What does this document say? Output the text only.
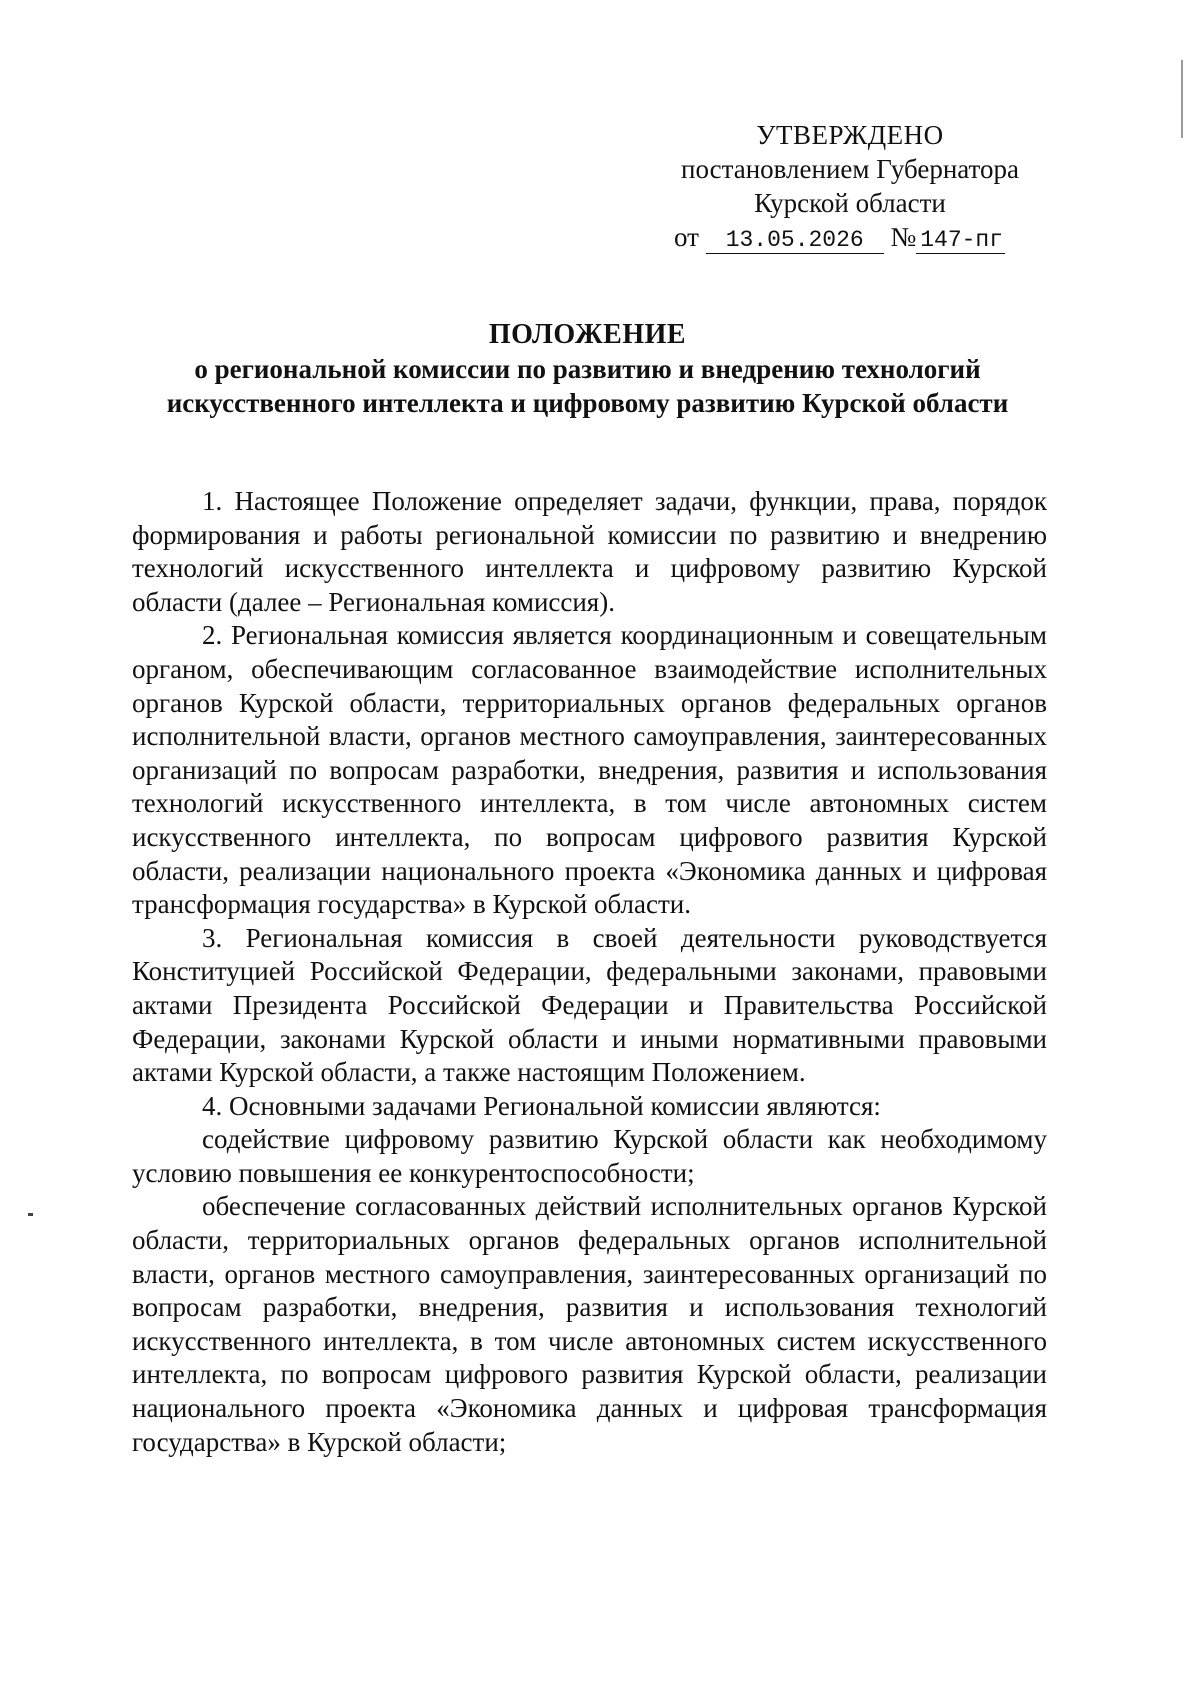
УТВЕРЖДЕНО
постановлением Губернатора
Курской области
от 13.05.2026 № 147-пг
ПОЛОЖЕНИЕ
о региональной комиссии по развитию и внедрению технологий искусственного интеллекта и цифровому развитию Курской области

1. Настоящее Положение определяет задачи, функции, права, порядок формирования и работы региональной комиссии по развитию и внедрению технологий искусственного интеллекта и цифровому развитию Курской области (далее – Региональная комиссия).

2. Региональная комиссия является координационным и совещательным органом, обеспечивающим согласованное взаимодействие исполнительных органов Курской области, территориальных органов федеральных органов исполнительной власти, органов местного самоуправления, заинтересованных организаций по вопросам разработки, внедрения, развития и использования технологий искусственного интеллекта, в том числе автономных систем искусственного интеллекта, по вопросам цифрового развития Курской области, реализации национального проекта «Экономика данных и цифровая трансформация государства» в Курской области.

3. Региональная комиссия в своей деятельности руководствуется Конституцией Российской Федерации, федеральными законами, правовыми актами Президента Российской Федерации и Правительства Российской Федерации, законами Курской области и иными нормативными правовыми актами Курской области, а также настоящим Положением.

4. Основными задачами Региональной комиссии являются:

содействие цифровому развитию Курской области как необходимому условию повышения ее конкурентоспособности;

обеспечение согласованных действий исполнительных органов Курской области, территориальных органов федеральных органов исполнительной власти, органов местного самоуправления, заинтересованных организаций по вопросам разработки, внедрения, развития и использования технологий искусственного интеллекта, в том числе автономных систем искусственного интеллекта, по вопросам цифрового развития Курской области, реализации национального проекта «Экономика данных и цифровая трансформация государства» в Курской области;
